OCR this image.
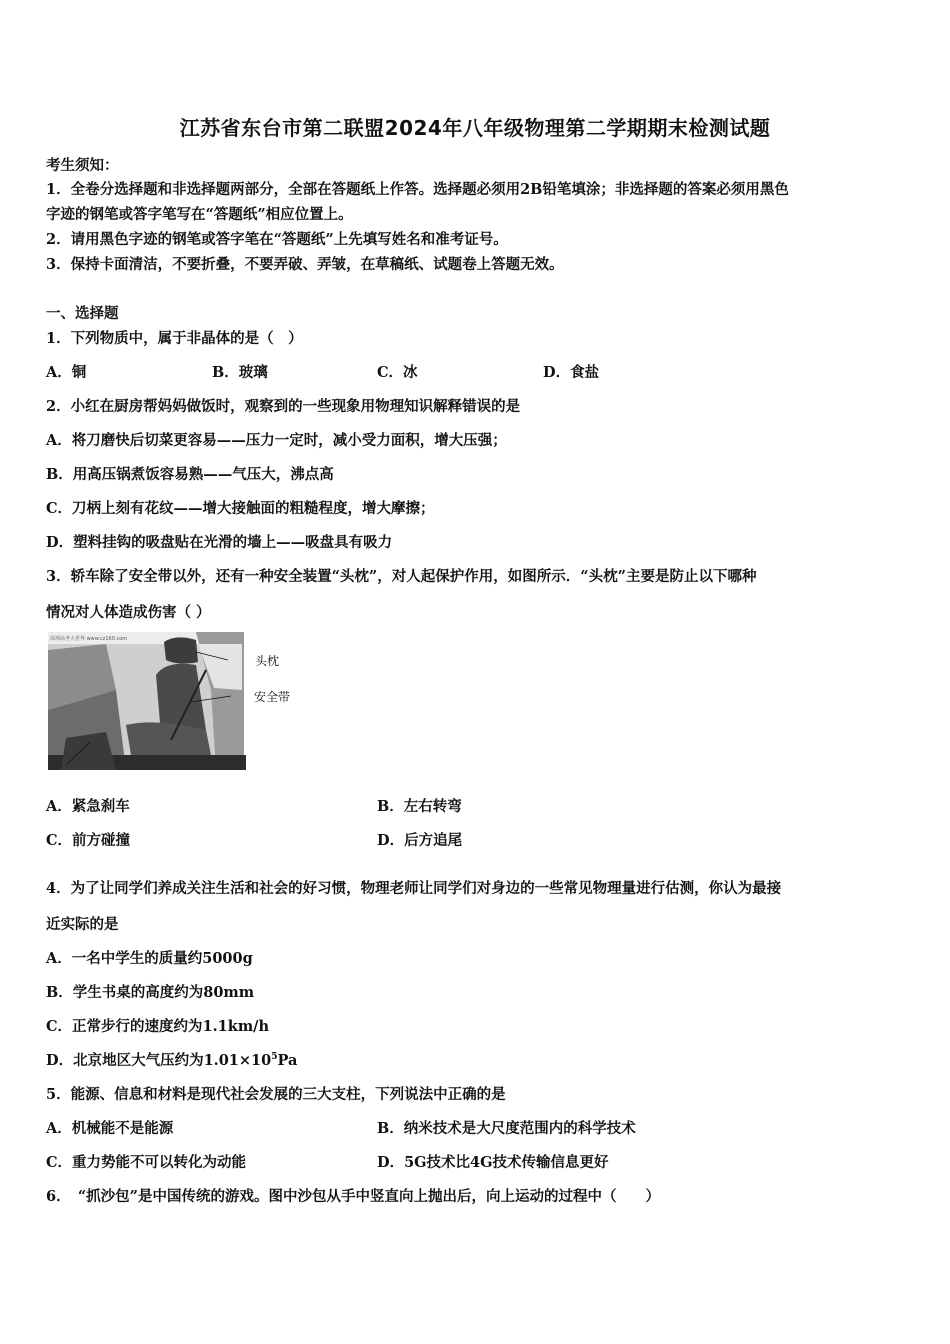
江苏省东台市第二联盟2024年八年级物理第二学期期末检测试题
考生须知：
1．全卷分选择题和非选择题两部分，全部在答题纸上作答。选择题必须用2B铅笔填涂；非选择题的答案必须用黑色
字迹的钢笔或答字笔写在“答题纸”相应位置上。
2．请用黑色字迹的钢笔或答字笔在“答题纸”上先填写姓名和准考证号。
3．保持卡面清洁，不要折叠，不要弄破、弄皱，在草稿纸、试题卷上答题无效。
一、选择题
1．下列物质中，属于非晶体的是（　）
A．铜	B．玻璃	C．冰	D．食盐
2．小红在厨房帮妈妈做饭时，观察到的一些现象用物理知识解释错误的是
A．将刀磨快后切菜更容易——压力一定时，减小受力面积，增大压强；
B．用高压锅煮饭容易熟——气压大，沸点高
C．刀柄上刻有花纹——增大接触面的粗糙程度，增大摩擦；
D．塑料挂钩的吸盘贴在光滑的墙上——吸盘具有吸力
3．轿车除了安全带以外，还有一种安全装置“头枕”，对人起保护作用，如图所示．“头枕”主要是防止以下哪种
情况对人体造成伤害（ ）
深圳高考大世界 www.cz160.com
头枕
安全带
A．紧急刹车	B．左右转弯
C．前方碰撞	D．后方追尾
4．为了让同学们养成关注生活和社会的好习惯，物理老师让同学们对身边的一些常见物理量进行估测，你认为最接
近实际的是
A．一名中学生的质量约5000g
B．学生书桌的高度约为80mm
C．正常步行的速度约为1.1km/h
D．北京地区大气压约为$1.01\times 10^5Pa$
5．能源、信息和材料是现代社会发展的三大支柱，下列说法中正确的是
A．机械能不是能源	B．纳米技术是大尺度范围内的科学技术
C．重力势能不可以转化为动能	D．5G技术比4G技术传输信息更好
6．　“抓沙包”是中国传统的游戏。图中沙包从手中竖直向上抛出后，向上运动的过程中（　　）
